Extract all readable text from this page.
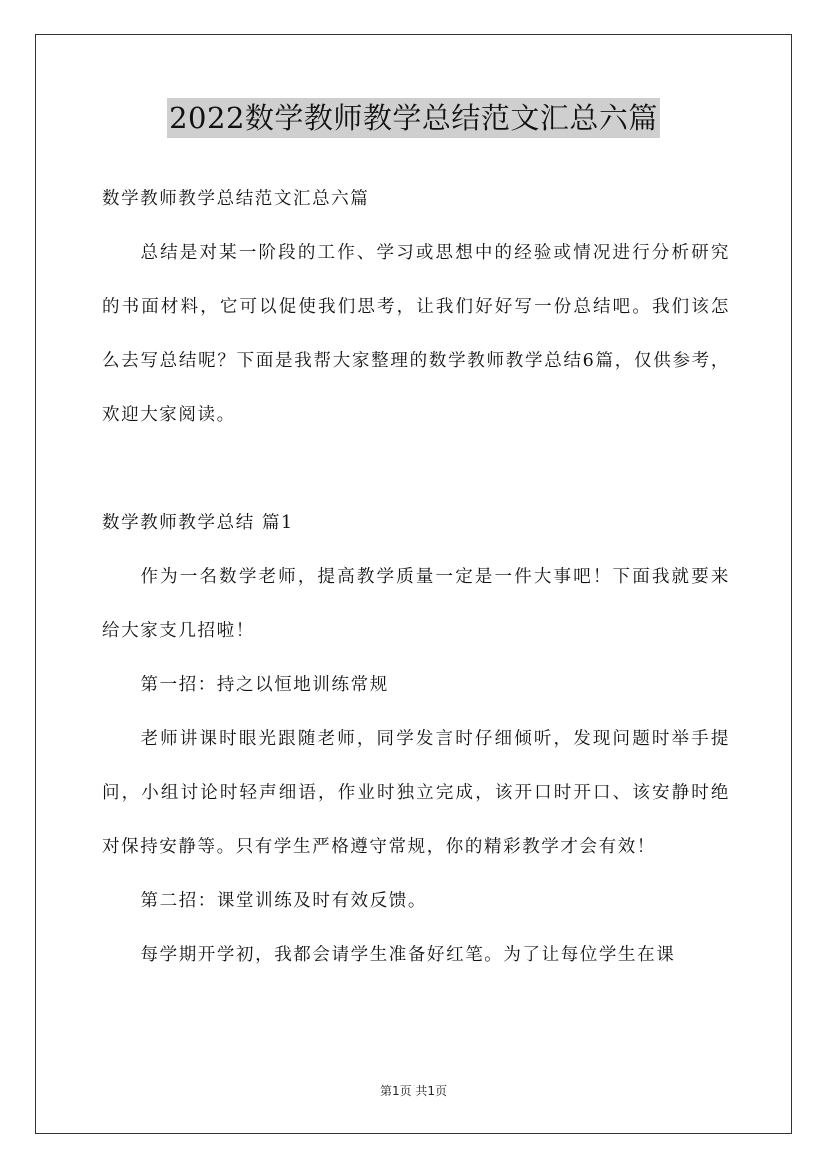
2022数学教师教学总结范文汇总六篇

数学教师教学总结范文汇总六篇

总结是对某一阶段的工作、学习或思想中的经验或情况进行分析研究的书面材料，它可以促使我们思考，让我们好好写一份总结吧。我们该怎么去写总结呢？下面是我帮大家整理的数学教师教学总结6篇，仅供参考，欢迎大家阅读。

数学教师教学总结 篇1

作为一名数学老师，提高教学质量一定是一件大事吧！下面我就要来给大家支几招啦！

第一招：持之以恒地训练常规

老师讲课时眼光跟随老师，同学发言时仔细倾听，发现问题时举手提问，小组讨论时轻声细语，作业时独立完成，该开口时开口、该安静时绝对保持安静等。只有学生严格遵守常规，你的精彩教学才会有效！

第二招：课堂训练及时有效反馈。

每学期开学初，我都会请学生准备好红笔。为了让每位学生在课

第1页 共1页
